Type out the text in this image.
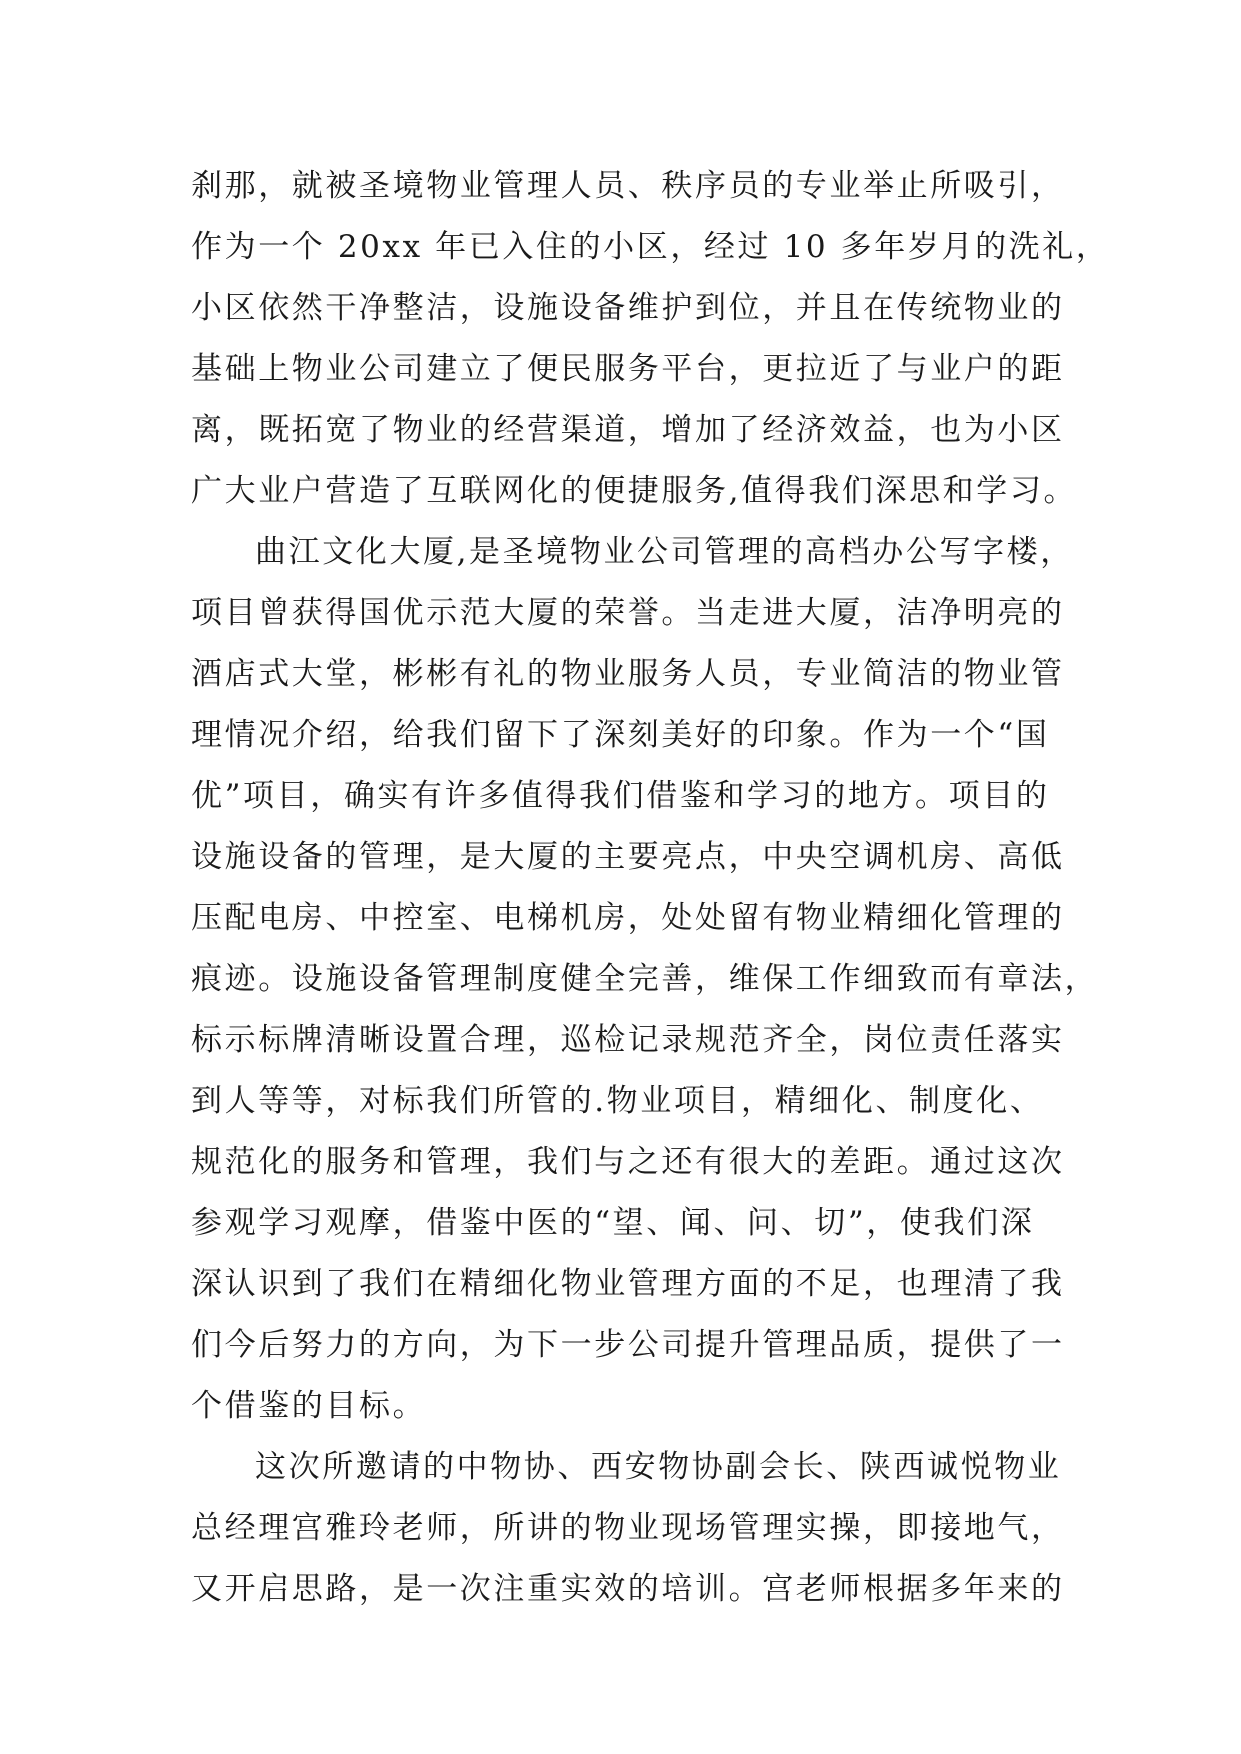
刹那，就被圣境物业管理人员、秩序员的专业举止所吸引，
作为一个 20xx 年已入住的小区，经过 10 多年岁月的洗礼，
小区依然干净整洁，设施设备维护到位，并且在传统物业的
基础上物业公司建立了便民服务平台，更拉近了与业户的距
离，既拓宽了物业的经营渠道，增加了经济效益，也为小区
广大业户营造了互联网化的便捷服务,值得我们深思和学习。
曲江文化大厦,是圣境物业公司管理的高档办公写字楼，
项目曾获得国优示范大厦的荣誉。当走进大厦，洁净明亮的
酒店式大堂，彬彬有礼的物业服务人员，专业简洁的物业管
理情况介绍，给我们留下了深刻美好的印象。作为一个“国
优”项目，确实有许多值得我们借鉴和学习的地方。项目的
设施设备的管理，是大厦的主要亮点，中央空调机房、高低
压配电房、中控室、电梯机房，处处留有物业精细化管理的
痕迹。设施设备管理制度健全完善，维保工作细致而有章法，
标示标牌清晰设置合理，巡检记录规范齐全，岗位责任落实
到人等等，对标我们所管的.物业项目，精细化、制度化、
规范化的服务和管理，我们与之还有很大的差距。通过这次
参观学习观摩，借鉴中医的“望、闻、问、切”，使我们深
深认识到了我们在精细化物业管理方面的不足，也理清了我
们今后努力的方向，为下一步公司提升管理品质，提供了一
个借鉴的目标。
这次所邀请的中物协、西安物协副会长、陕西诚悦物业
总经理宫雅玲老师，所讲的物业现场管理实操，即接地气，
又开启思路，是一次注重实效的培训。宫老师根据多年来的
